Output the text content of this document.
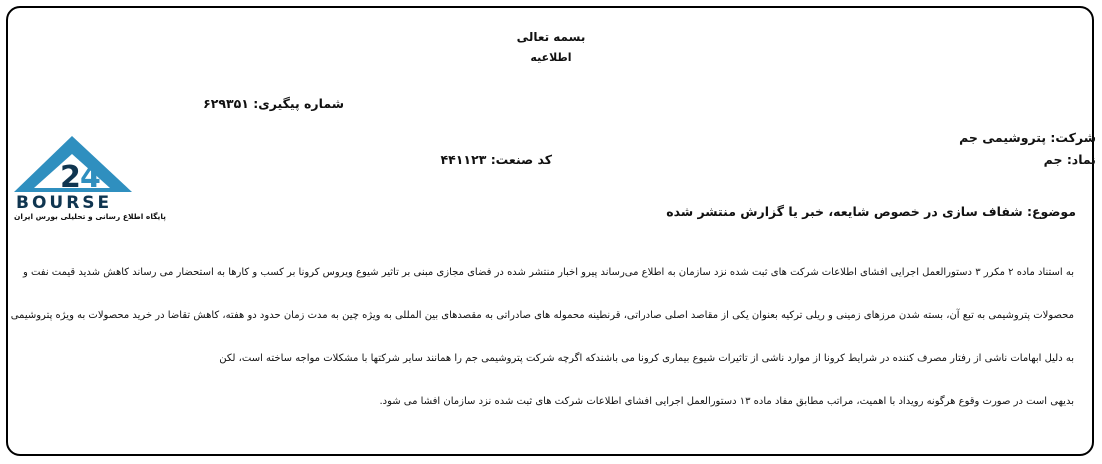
بسمه تعالی
اطلاعیه
شماره پیگیری: ۶۲۹۳۵۱
شرکت: پتروشیمی جم
نماد: جم
کد صنعت: ۴۴۱۱۲۳
موضوع: شفاف سازی در خصوص شایعه، خبر یا گزارش منتشر شده
به استناد ماده ۲ مکرر ۳ دستورالعمل اجرایی افشای اطلاعات شرکت های ثبت شده نزد سازمان به اطلاع می‌رساند پیرو اخبار منتشر شده در فضای مجازی مبنی بر تاثیر شیوع ویروس کرونا بر کسب و کارها به استحضار می رساند کاهش شدید قیمت نفت و
محصولات پتروشیمی به تبع آن، بسته شدن مرزهای زمینی و ریلی ترکیه بعنوان یکی از مقاصد اصلی صادراتی، قرنطینه محموله های صادراتی به مقصدهای بین المللی به ویژه چین به مدت زمان حدود دو هفته، کاهش تقاضا در خرید محصولات به ویژه پتروشیمی
به دلیل ابهامات ناشی از رفتار مصرف کننده در شرایط کرونا از موارد ناشی از تاثیرات شیوع بیماری کرونا می باشندکه اگرچه شرکت پتروشیمی جم را همانند سایر شرکتها با مشکلات مواجه ساخته است، لکن
بدیهی است در صورت وقوع هرگونه رویداد با اهمیت، مراتب مطابق مفاد ماده ۱۳ دستورالعمل اجرایی افشای اطلاعات شرکت های ثبت شده نزد سازمان افشا می شود.
2 4
BOURSE
پایگاه اطلاع رسانی و تحلیلی بورس ایران
